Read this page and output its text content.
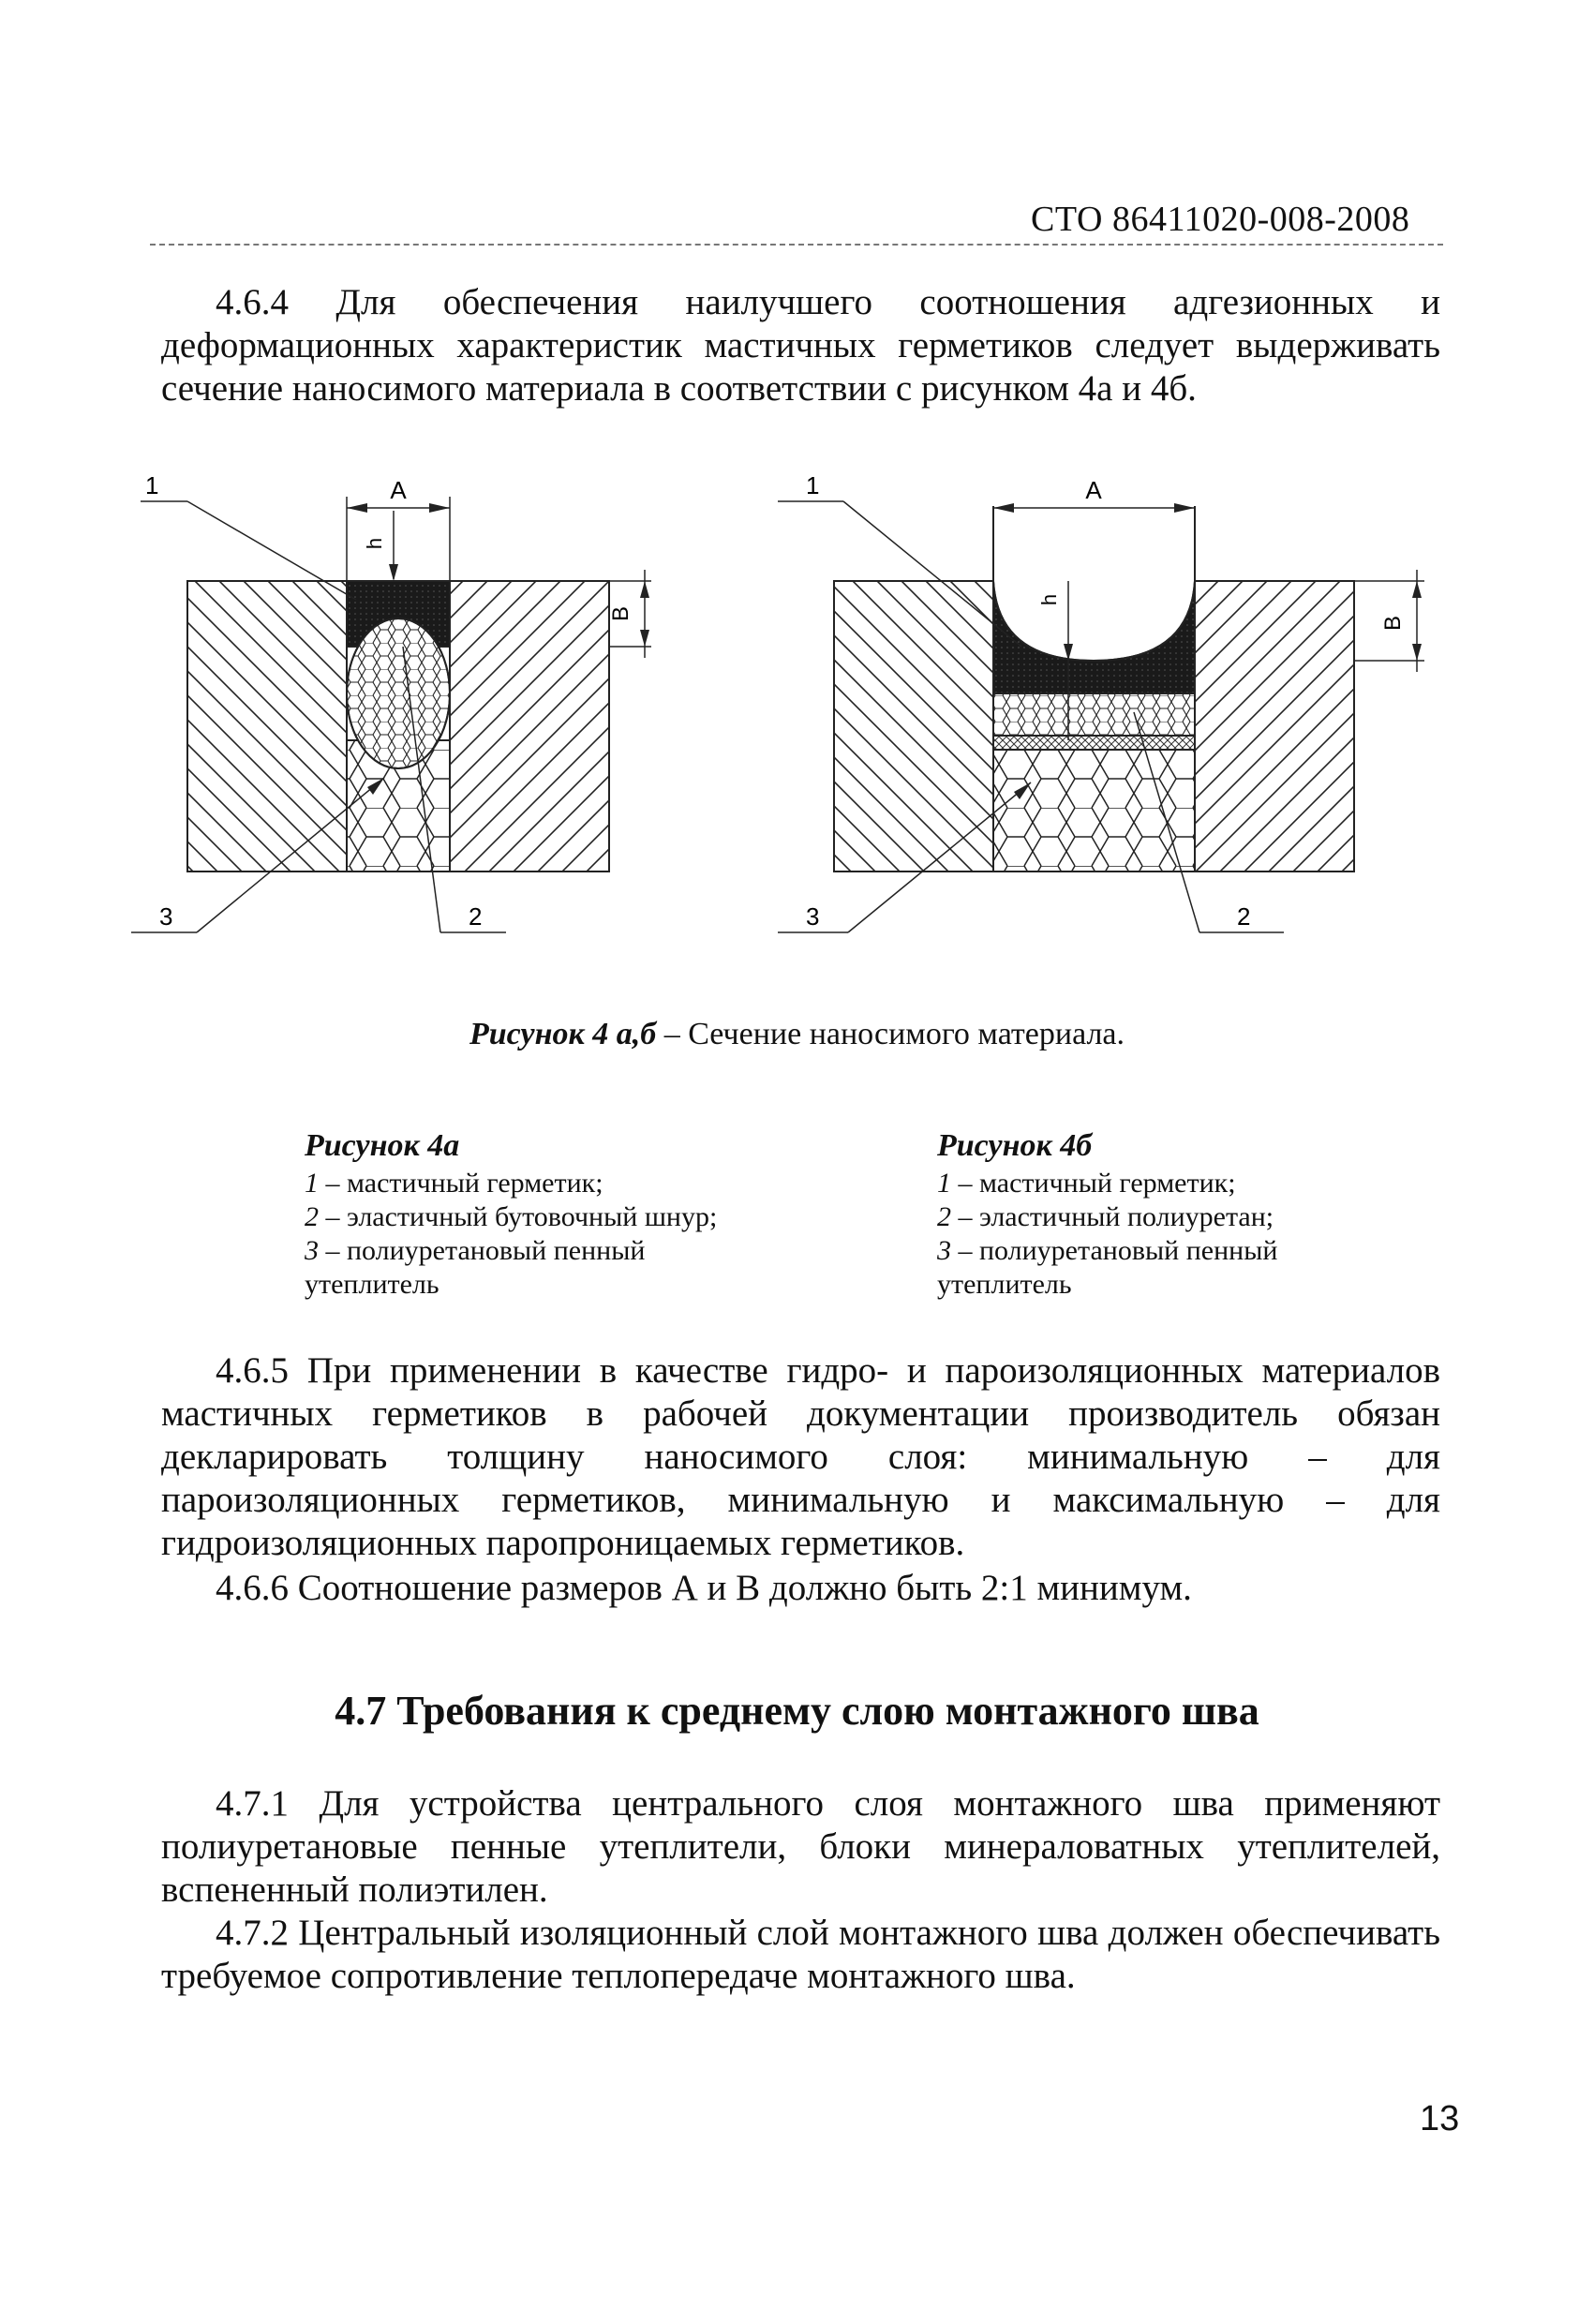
СТО 86411020-008-2008
4.6.4 Для обеспечения наилучшего соотношения адгезионных и деформационных характеристик мастичных герметиков следует выдерживать сечение наносимого материала в соответствии с рисунком 4а и 4б.
A
h
B
1
3	2
A
h
B
1
3	2
Рисунок 4 а,б – Сечение наносимого материала.
Рисунок 4а
1 – мастичный герметик;
2 – эластичный бутовочный шнур;
3 – полиуретановый пенный утеплитель
Рисунок 4б
1 – мастичный герметик;
2 – эластичный полиуретан;
3 – полиуретановый пенный утеплитель
4.6.5 При применении в качестве гидро- и пароизоляционных материалов мастичных герметиков в рабочей документации производитель обязан декларировать толщину наносимого слоя: минимальную – для пароизоляционных герметиков, минимальную и максимальную – для гидроизоляционных паропроницаемых герметиков.
4.6.6 Соотношение размеров А и В должно быть 2:1 минимум.
4.7 Требования к среднему слою монтажного шва
4.7.1 Для устройства центрального слоя монтажного шва применяют полиуретановые пенные утеплители, блоки минераловатных утеплителей, вспененный полиэтилен.
4.7.2 Центральный изоляционный слой монтажного шва должен обеспечивать требуемое сопротивление теплопередаче монтажного шва.
13
